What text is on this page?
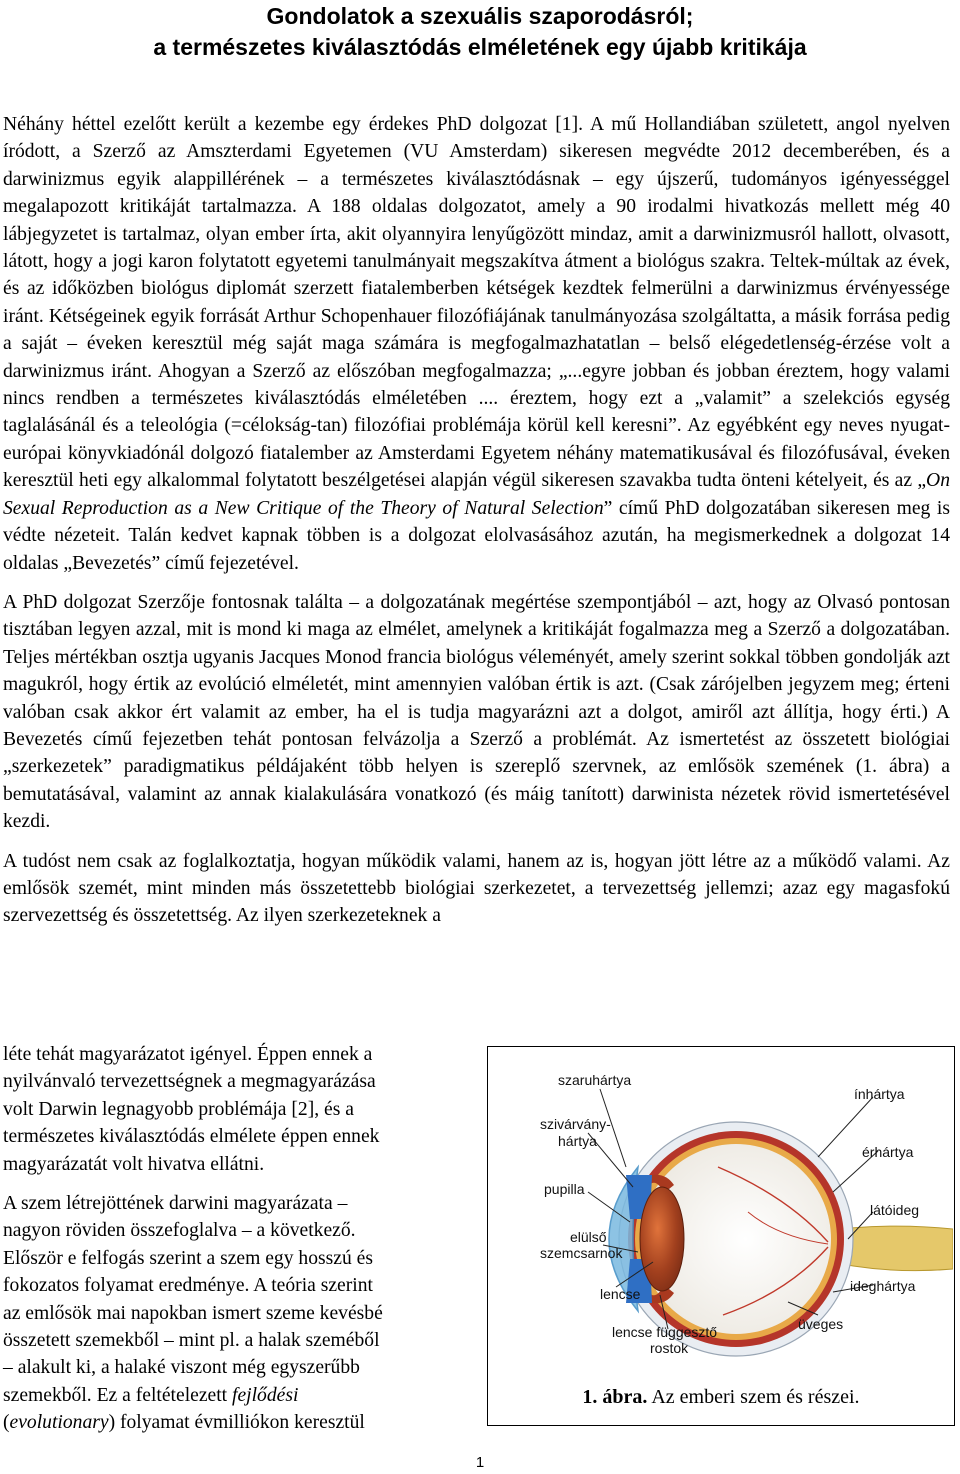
Gondolatok a szexuális szaporodásról;
a természetes kiválasztódás elméletének egy újabb kritikája

Néhány héttel ezelőtt került a kezembe egy érdekes PhD dolgozat [1]. A mű Hollandiában született, angol nyelven íródott, a Szerző az Amszterdami Egyetemen (VU Amsterdam) sikeresen megvédte 2012 decemberében, és a darwinizmus egyik alappillérének – a természetes kiválasztódásnak – egy újszerű, tudományos igényességgel megalapozott kritikáját tartalmazza. A 188 oldalas dolgozatot, amely a 90 irodalmi hivatkozás mellett még 40 lábjegyzetet is tartalmaz, olyan ember írta, akit olyannyira lenyűgözött mindaz, amit a darwinizmusról hallott, olvasott, látott, hogy a jogi karon folytatott egyetemi tanulmányait megszakítva átment a biológus szakra. Teltek-múltak az évek, és az időközben biológus diplomát szerzett fiatalemberben kétségek kezdtek felmerülni a darwinizmus érvényessége iránt. Kétségeinek egyik forrását Arthur Schopenhauer filozófiájának tanulmányozása szolgáltatta, a másik forrása pedig a saját – éveken keresztül még saját maga számára is megfogalmazhatatlan – belső elégedetlenség-érzése volt a darwinizmus iránt. Ahogyan a Szerző az előszóban megfogalmazza; „...egyre jobban és jobban éreztem, hogy valami nincs rendben a természetes kiválasztódás elméletében .... éreztem, hogy ezt a „valamit” a szelekciós egység taglalásánál és a teleológia (=célokság-tan) filozófiai problémája körül kell keresni”. Az egyébként egy neves nyugat-európai könyvkiadónál dolgozó fiatalember az Amsterdami Egyetem néhány matematikusával és filozófusával, éveken keresztül heti egy alkalommal folytatott beszélgetései alapján végül sikeresen szavakba tudta önteni kételyeit, és az „On Sexual Reproduction as a New Critique of the Theory of Natural Selection” című PhD dolgozatában sikeresen meg is védte nézeteit. Talán kedvet kapnak többen is a dolgozat elolvasásához azután, ha megismerkednek a dolgozat 14 oldalas „Bevezetés” című fejezetével.

A PhD dolgozat Szerzője fontosnak találta – a dolgozatának megértése szempontjából – azt, hogy az Olvasó pontosan tisztában legyen azzal, mit is mond ki maga az elmélet, amelynek a kritikáját fogalmazza meg a Szerző a dolgozatában. Teljes mértékban osztja ugyanis Jacques Monod francia biológus véleményét, amely szerint sokkal többen gondolják azt magukról, hogy értik az evolúció elméletét, mint amennyien valóban értik is azt. (Csak zárójelben jegyzem meg; érteni valóban csak akkor ért valamit az ember, ha el is tudja magyarázni azt a dolgot, amiről azt állítja, hogy érti.) A Bevezetés című fejezetben tehát pontosan felvázolja a Szerző a problémát. Az ismertetést az összetett biológiai „szerkezetek” paradigmatikus példájaként több helyen is szereplő szervnek, az emlősök szemének (1. ábra) a bemutatásával, valamint az annak kialakulására vonatkozó (és máig tanított) darwinista nézetek rövid ismertetésével kezdi.

A tudóst nem csak az foglalkoztatja, hogyan működik valami, hanem az is, hogyan jött létre az a működő valami. Az emlősök szemét, mint minden más összetettebb biológiai szerkezetet, a tervezettség jellemzi; azaz egy magasfokú szervezettség és összetettség. Az ilyen szerkezeteknek a

léte tehát magyarázatot igényel. Éppen ennek a
nyilvánvaló tervezettségnek a megmagyarázása
volt Darwin legnagyobb problémája [2], és a
természetes kiválasztódás elmélete éppen ennek
magyarázatát volt hivatva ellátni.

A szem létrejöttének darwini magyarázata –
nagyon röviden összefoglalva – a következő.
Először e felfogás szerint a szem egy hosszú és
fokozatos folyamat eredménye. A teória szerint
az emlősök mai napokban ismert szeme kevésbé
összetett szemekből – mint pl. a halak szeméből
– alakult ki, a halaké viszont még egyszerűbb
szemekből. Ez a feltételezett fejlődési
(evolutionary) folyamat évmilliókon keresztül

szaruhártya
szivárvány-
hártya
pupilla
elülső
szemcsarnok
lencse
lencse függesztő
rostok
ínhártya
érhártya
látóideg
ideghártya
üveges
1. ábra. Az emberi szem és részei.
1
